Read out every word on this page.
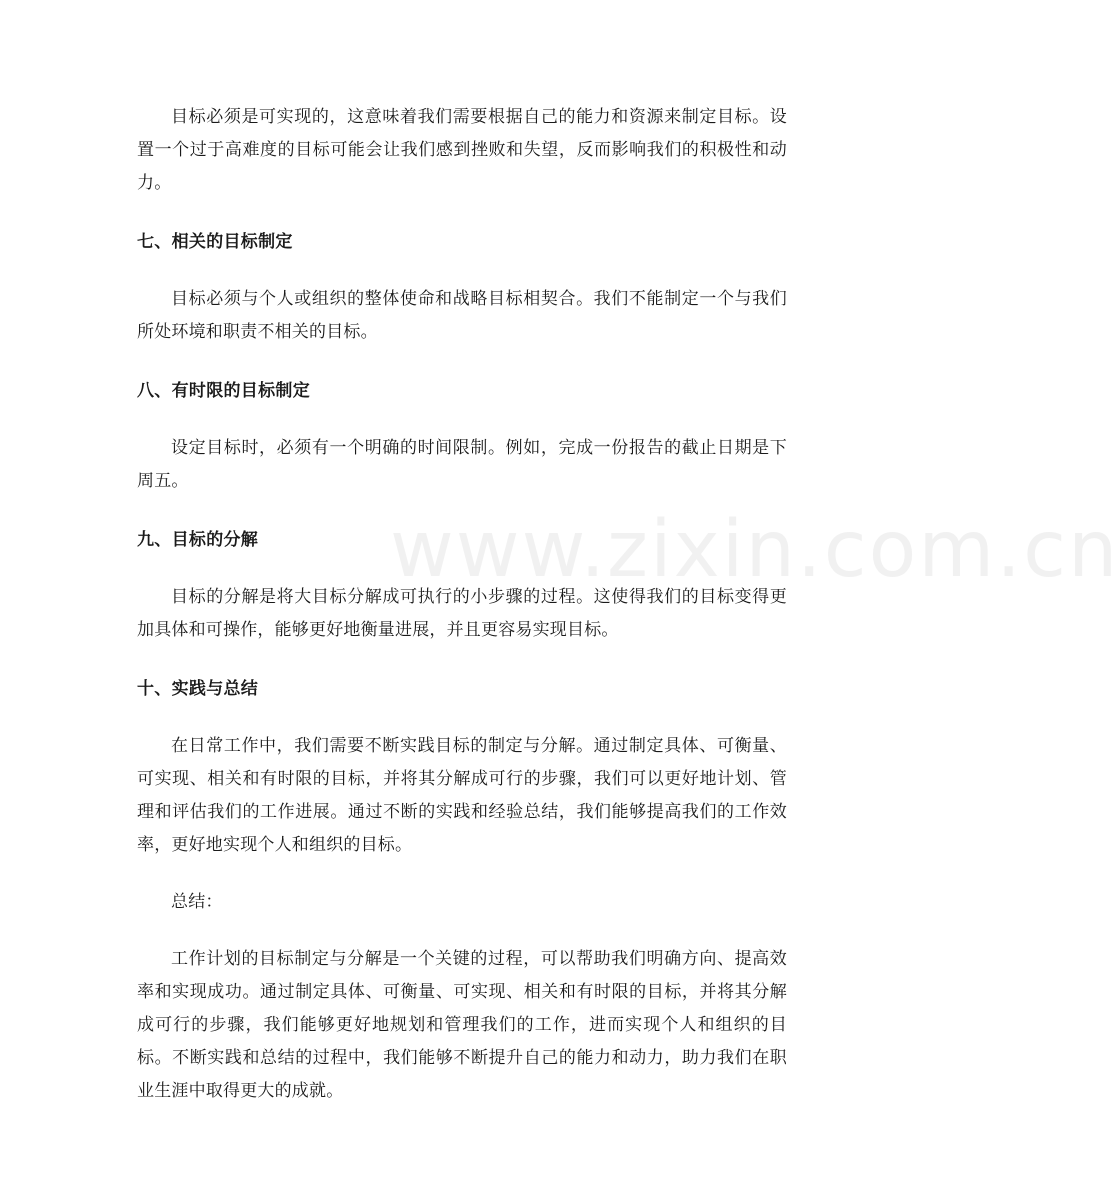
www.zixin.com.cn

目标必须是可实现的，这意味着我们需要根据自己的能力和资源来制定目标。设置一个过于高难度的目标可能会让我们感到挫败和失望，反而影响我们的积极性和动力。

七、相关的目标制定

目标必须与个人或组织的整体使命和战略目标相契合。我们不能制定一个与我们所处环境和职责不相关的目标。

八、有时限的目标制定

设定目标时，必须有一个明确的时间限制。例如，完成一份报告的截止日期是下周五。

九、目标的分解

目标的分解是将大目标分解成可执行的小步骤的过程。这使得我们的目标变得更加具体和可操作，能够更好地衡量进展，并且更容易实现目标。

十、实践与总结

在日常工作中，我们需要不断实践目标的制定与分解。通过制定具体、可衡量、可实现、相关和有时限的目标，并将其分解成可行的步骤，我们可以更好地计划、管理和评估我们的工作进展。通过不断的实践和经验总结，我们能够提高我们的工作效率，更好地实现个人和组织的目标。

总结：

工作计划的目标制定与分解是一个关键的过程，可以帮助我们明确方向、提高效率和实现成功。通过制定具体、可衡量、可实现、相关和有时限的目标，并将其分解成可行的步骤，我们能够更好地规划和管理我们的工作，进而实现个人和组织的目标。不断实践和总结的过程中，我们能够不断提升自己的能力和动力，助力我们在职业生涯中取得更大的成就。
